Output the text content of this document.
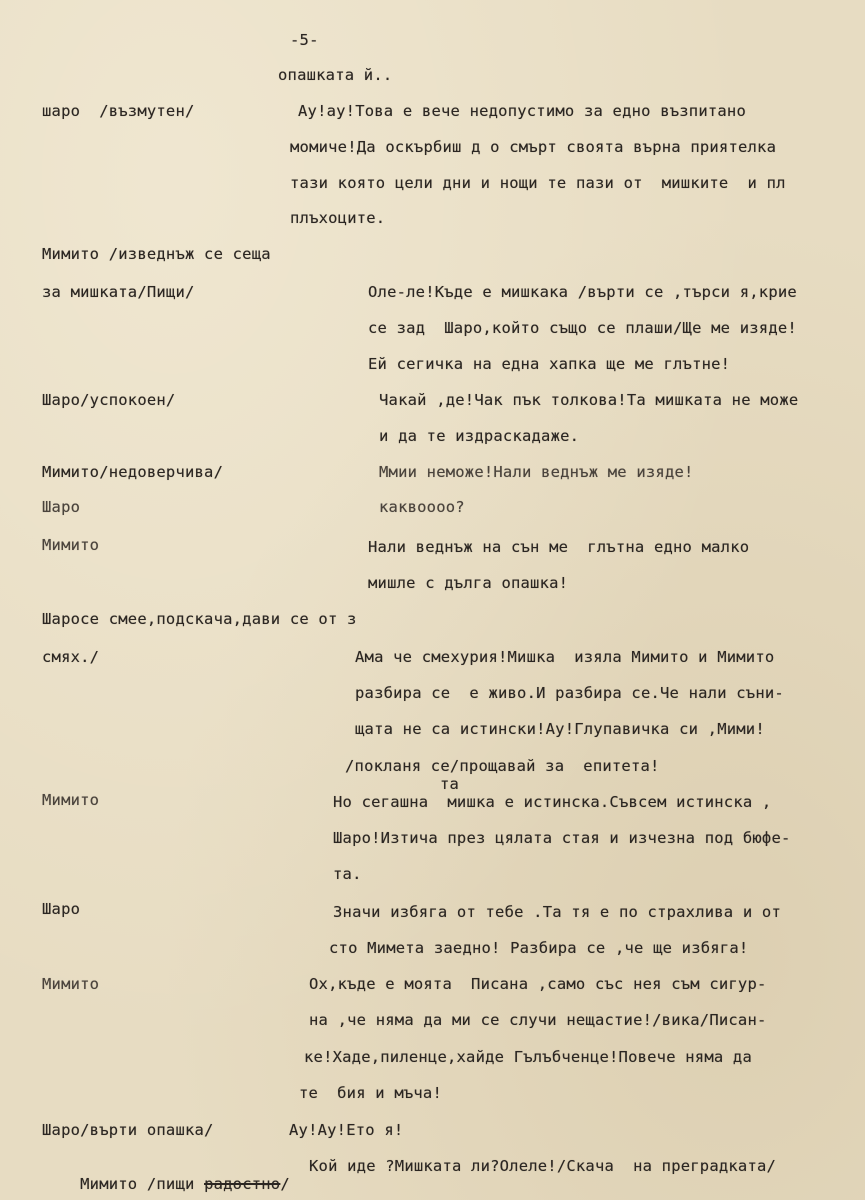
-5-
опашката й..
шаро  /възмутен/	Ау!ау!Това е вече недопустимо за едно възпитано
момиче!Да оскърбиш д о смърт своята върна приятелка
тази която цели дни и нощи те пази от  мишките  и пл
плъхоците.
Мимито /изведнъж се сеща
за мишката/Пищи/	Оле-ле!Къде е мишкака /върти се ,търси я,крие
се зад  Шаро,който също се плаши/Ще ме изяде!
Ей сегичка на една хапка ще ме глътне!
Шаро/успокоен/	Чакай ,де!Чак пък толкова!Та мишката не може
и да те издраскадаже.
Мимито/недоверчива/	Ммии неможе!Нали веднъж ме изяде!
Шаро	каквоооо?
Мимито	Нали веднъж на сън ме  глътна едно малко
мишле с дълга опашка!
Шаросе смее,подскача,дави се от з
смях./	Ама че смехурия!Мишка  изяла Мимито и Мимито
разбира се  е живо.И разбира се.Че нали съни-
щата не са истински!Ау!Глупавичка си ,Мими!
/покланя се/прощавай за  епитета!
та
Мимито	Но сегашна  мишка е истинска.Съвсем истинска ,
Шаро!Изтича през цялата стая и изчезна под бюфе-
та.
Шаро	Значи избяга от тебе .Та тя е по страхлива и от
сто Мимета заедно! Разбира се ,че ще избяга!
Мимито	Ох,къде е моята  Писана ,само със нея съм сигур-
на ,че няма да ми се случи нещастие!/вика/Писан-
ке!Хаде,пиленце,хайде Гълъбченце!Повече няма да
те  бия и мъча!
Шаро/върти опашка/	Ау!Ау!Ето я!

Мимито /пищи радостно/

Кой иде ?Мишката ли?Олеле!/Скача  на преградката/
